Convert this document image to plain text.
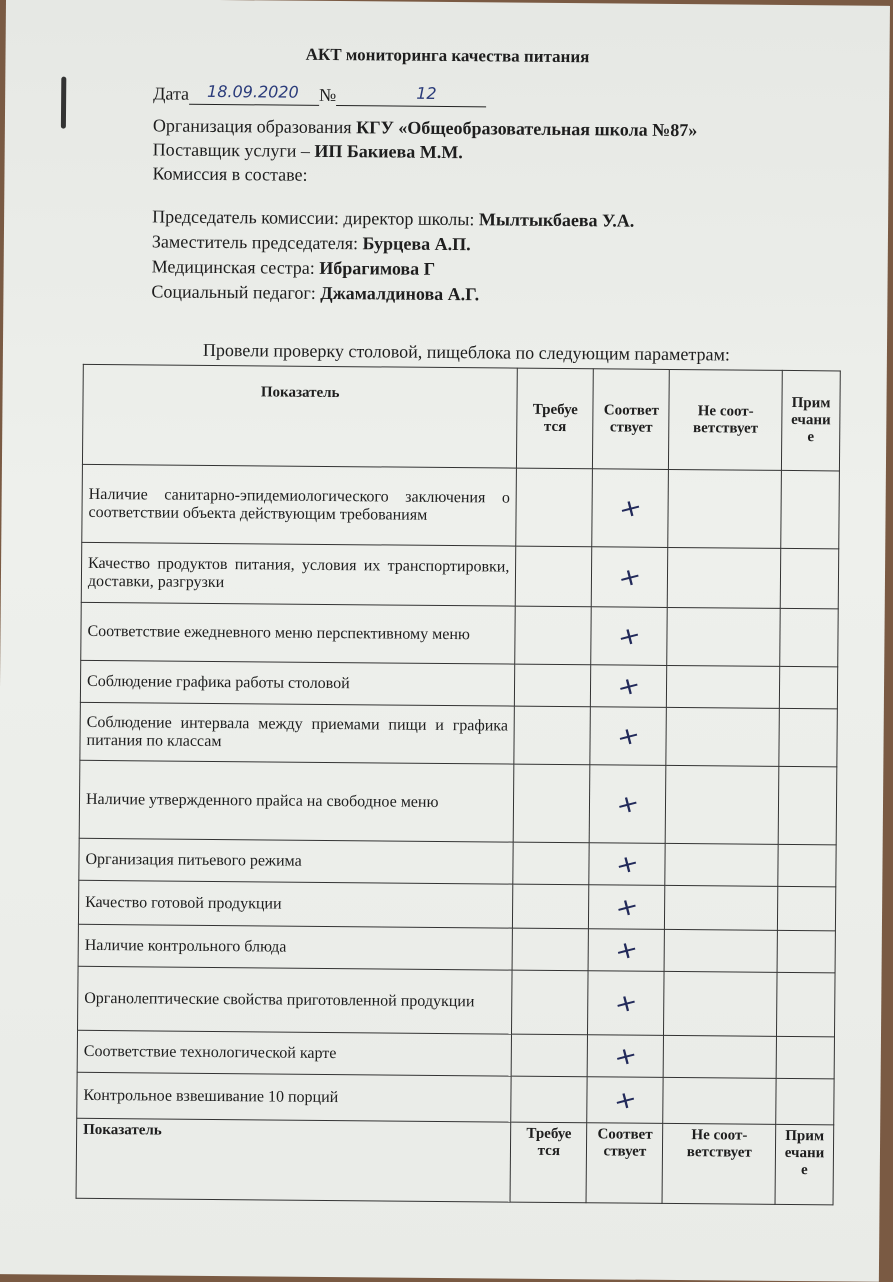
АКТ мониторинга качества питания
Дата 18.09.2020 №	12
Организация образования КГУ «Общеобразовательная школа №87»
Поставщик услуги – ИП Бакиева М.М.
Комиссия в составе:
Председатель комиссии: директор школы: Мылтыкбаева У.А.
Заместитель председателя: Бурцева А.П.
Медицинская сестра: Ибрагимова Г
Социальный педагог: Джамалдинова А.Г.
Провели проверку столовой, пищеблока по следующим параметрам:
Показатель	Требуе тся	Соответ ствует	Не соот- ветствует	Прим ечани е
Наличие санитарно-эпидемиологического заключения о соответствии объекта действующим требованиям		+		
Качество продуктов питания, условия их транспортировки, доставки, разгрузки		+		
Соответствие ежедневного меню перспективному меню		+		
Соблюдение графика работы столовой		+		
Соблюдение интервала между приемами пищи и графика питания по классам		+		
Наличие утвержденного прайса на свободное меню		+		
Организация питьевого режима		+		
Качество готовой продукции		+		
Наличие контрольного блюда		+		
Органолептические свойства приготовленной продукции		+		
Соответствие технологической карте		+		
Контрольное взвешивание 10 порций		+		
Показатель	Требуе тся	Соответ ствует	Не соот- ветствует	Прим ечани е
